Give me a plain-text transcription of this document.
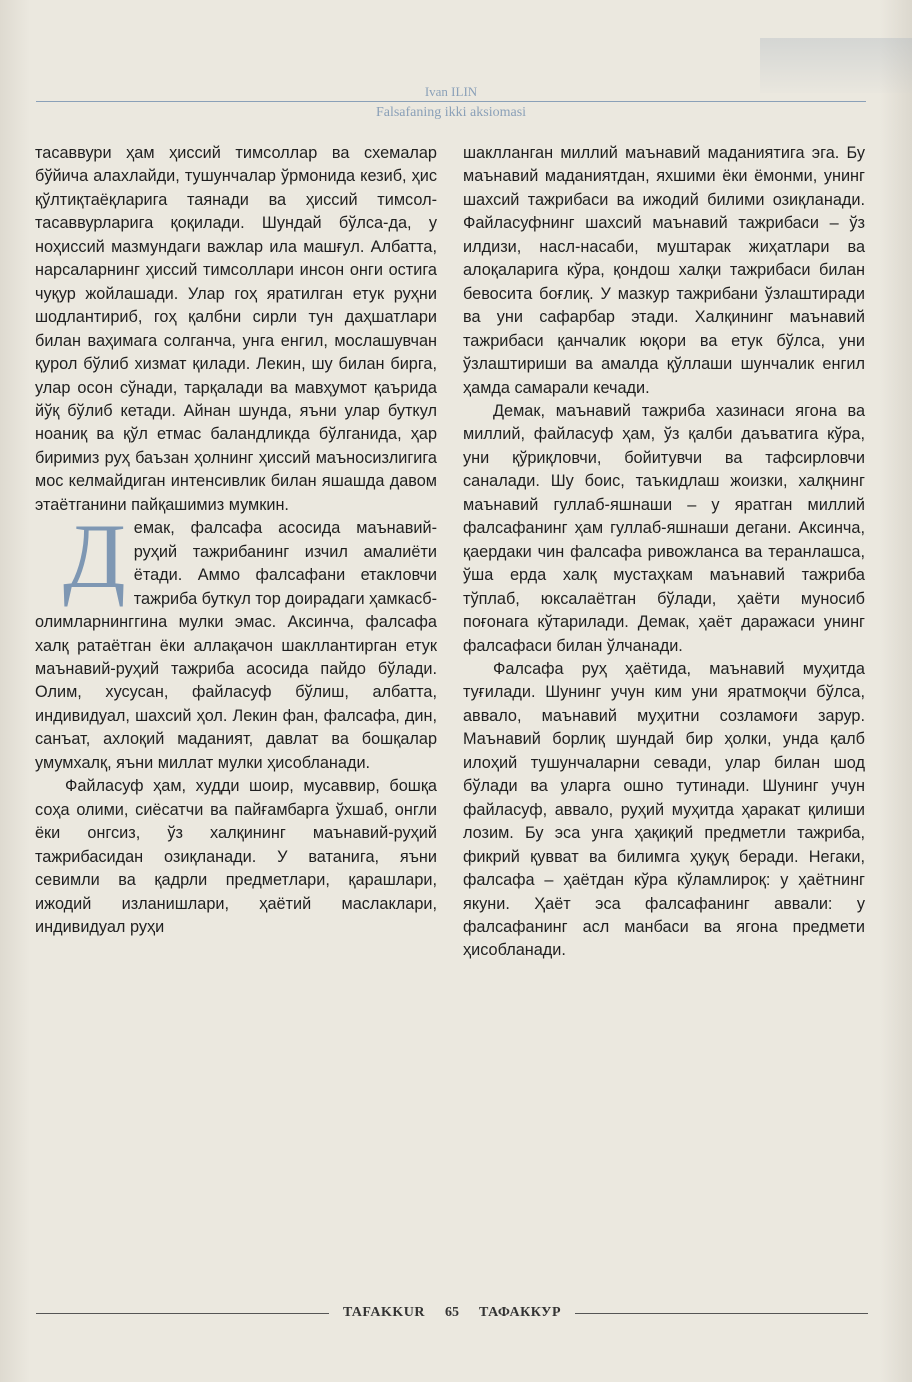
Ivan ILIN
Falsafaning ikki aksiomasi

тасаввури ҳам ҳиссий тимсоллар ва схемалар бўйича алахлайди, тушунчалар ўрмонида кезиб, ҳис қўлтиқтаёқларига таянади ва ҳиссий тимсол-тасаввурларига қоқилади. Шундай бўлса-да, у ноҳиссий мазмундаги важлар ила машғул. Албатта, нарсаларнинг ҳиссий тимсоллари инсон онги остига чуқур жойлашади. Улар гоҳ яратилган етук руҳни шодлантириб, гоҳ қалбни сирли тун даҳшатлари билан ваҳимага солганча, унга енгил, мослашувчан қурол бўлиб хизмат қилади. Лекин, шу билан бирга, улар осон сўнади, тарқалади ва мавҳумот қаърида йўқ бўлиб кетади. Айнан шунда, яъни улар буткул ноаниқ ва қўл етмас баландликда бўлганида, ҳар биримиз руҳ баъзан ҳолнинг ҳиссий маъносизлигига мос келмайдиган интенсивлик билан яшашда давом этаётганини пайқашимиз мумкин.

Демак, фалсафа асосида маънавий-руҳий тажрибанинг изчил амалиёти ётади. Аммо фалсафани етакловчи тажриба буткул тор доирадаги ҳамкасб-олимларнинггина мулки эмас. Аксинча, фалсафа халқ ратаётган ёки аллақачон шакллантирган етук маънавий-руҳий тажриба асосида пайдо бўлади. Олим, хусусан, файласуф бўлиш, албатта, индивидуал, шахсий ҳол. Лекин фан, фалсафа, дин, санъат, ахлоқий маданият, давлат ва бошқалар умумхалқ, яъни миллат мулки ҳисобланади.

Файласуф ҳам, худди шоир, мусаввир, бошқа соҳа олими, сиёсатчи ва пайғамбарга ўхшаб, онгли ёки онгсиз, ўз халқининг маънавий-руҳий тажрибасидан озиқланади. У ватанига, яъни севимли ва қадрли предметлари, қарашлари, ижодий изланишлари, ҳаётий маслаклари, индивидуал руҳи

шаклланган миллий маънавий маданиятига эга. Бу маънавий маданиятдан, яхшими ёки ёмонми, унинг шахсий тажрибаси ва ижодий билими озиқланади. Файласуфнинг шахсий маънавий тажрибаси – ўз илдизи, насл-насаби, муштарак жиҳатлари ва алоқаларига кўра, қондош халқи тажрибаси билан бевосита боғлиқ. У мазкур тажрибани ўзлаштиради ва уни сафарбар этади. Халқининг маънавий тажрибаси қанчалик юқори ва етук бўлса, уни ўзлаштириши ва амалда қўллаши шунчалик енгил ҳамда самарали кечади.

Демак, маънавий тажриба хазинаси ягона ва миллий, файласуф ҳам, ўз қалби даъватига кўра, уни қўриқловчи, бойитувчи ва тафсирловчи саналади. Шу боис, таъкидлаш жоизки, халқнинг маънавий гуллаб-яшнаши – у яратган миллий фалсафанинг ҳам гуллаб-яшнаши дегани. Аксинча, қаердаки чин фалсафа ривожланса ва теранлашса, ўша ерда халқ мустаҳкам маънавий тажриба тўплаб, юксалаётган бўлади, ҳаёти муносиб поғонага кўтарилади. Демак, ҳаёт даражаси унинг фалсафаси билан ўлчанади.

Фалсафа руҳ ҳаётида, маънавий муҳитда туғилади. Шунинг учун ким уни яратмоқчи бўлса, аввало, маънавий муҳитни созламоғи зарур. Маънавий борлиқ шундай бир ҳолки, унда қалб илоҳий тушунчаларни севади, улар билан шод бўлади ва уларга ошно тутинади. Шунинг учун файласуф, аввало, руҳий муҳитда ҳаракат қилиши лозим. Бу эса унга ҳақиқий предметли тажриба, фикрий қувват ва билимга ҳуқуқ беради. Негаки, фалсафа – ҳаётдан кўра кўламлироқ: у ҳаётнинг якуни. Ҳаёт эса фалсафанинг аввали: у фалсафанинг асл манбаси ва ягона предмети ҳисобланади.

TAFAKKUR	65	ТАФАККУР
